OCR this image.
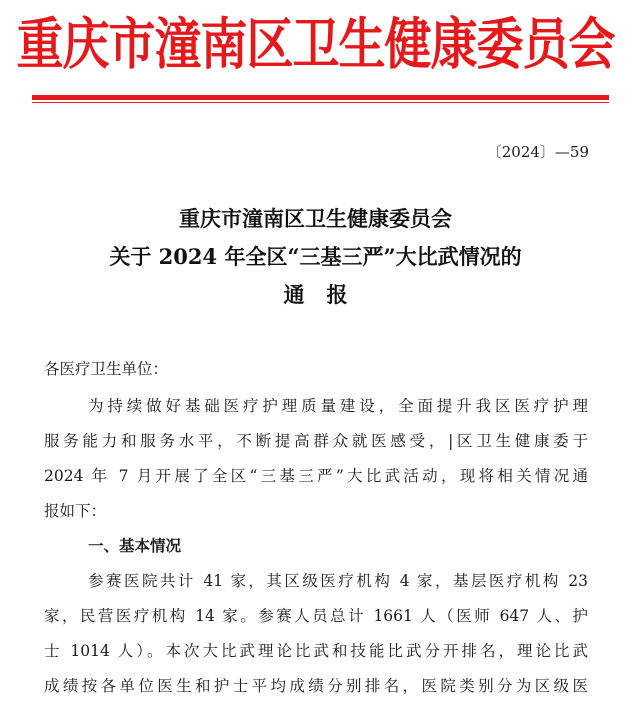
重庆市潼南区卫生健康委员会
〔2024〕—59
重庆市潼南区卫生健康委员会
关于 2024 年全区“三基三严”大比武情况的
通报
各医疗卫生单位：
为持续做好基础医疗护理质量建设，全面提升我区医疗护理
服务能力和服务水平，不断提高群众就医感受，|区卫生健康委于
2024 年 7 月开展了全区“三基三严”大比武活动，现将相关情况通
报如下：
一、基本情况
参赛医院共计 41 家，其区级医疗机构 4 家，基层医疗机构 23
家，民营医疗机构 14 家。参赛人员总计 1661 人（医师 647 人、护
士 1014 人）。本次大比武理论比武和技能比武分开排名，理论比武
成绩按各单位医生和护士平均成绩分别排名，医院类别分为区级医
